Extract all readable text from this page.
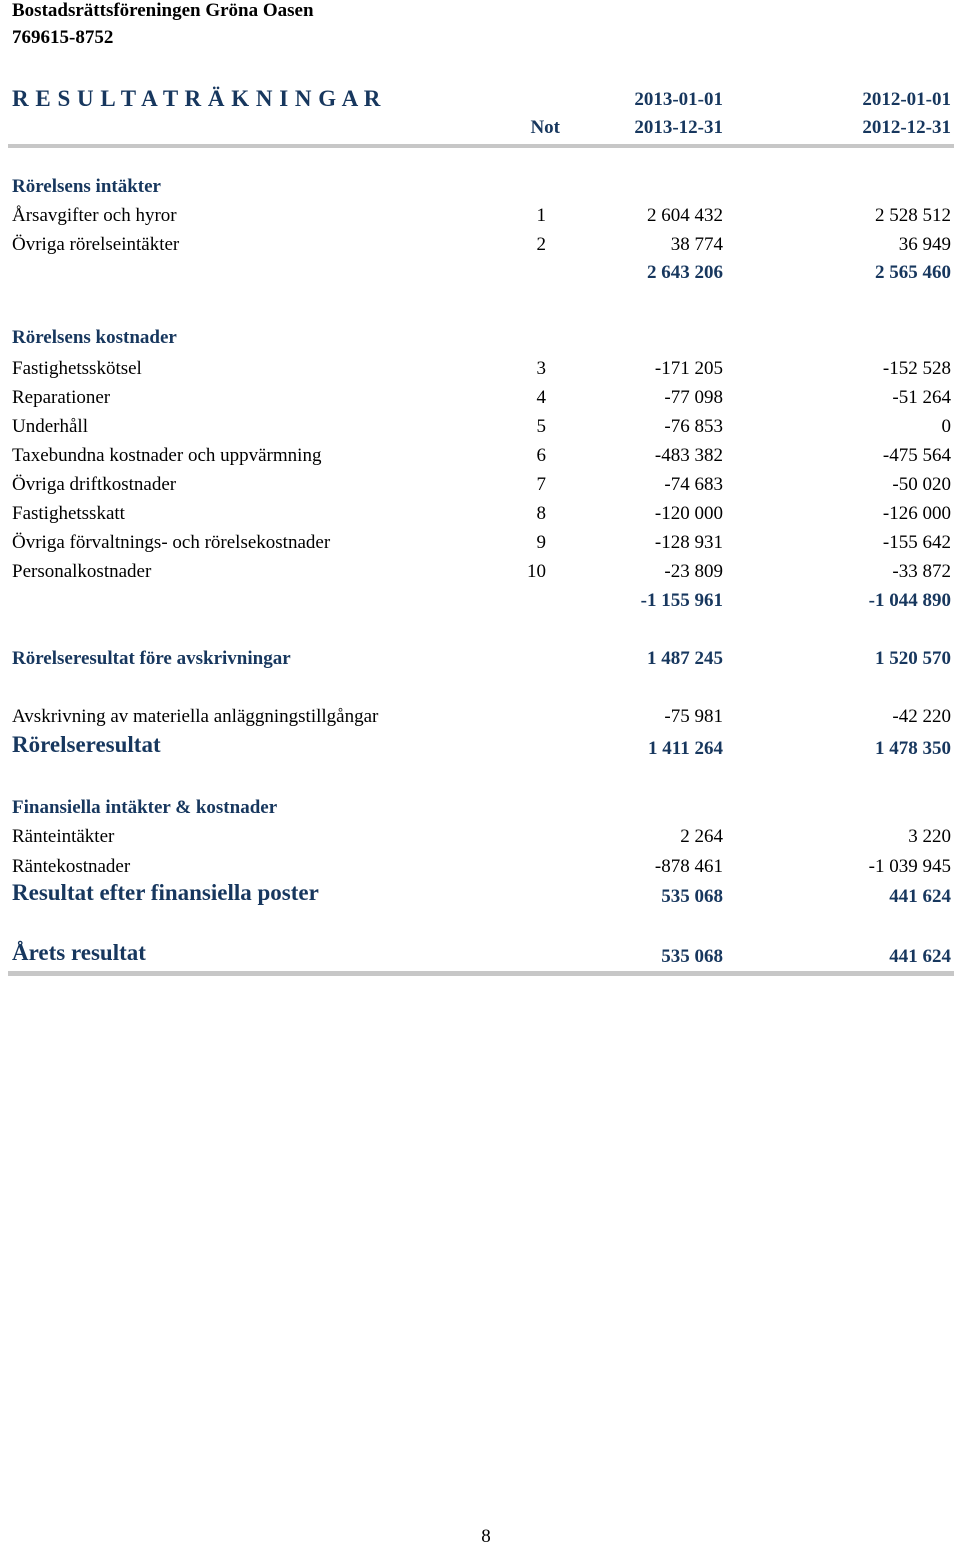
Bostadsrättsföreningen Gröna Oasen
769615-8752
R E S U L T A T R Ä K N I N G A R	2013-01-01	2012-01-01
Not	2013-12-31	2012-12-31
Rörelsens intäkter
Årsavgifter och hyror	1	2 604 432	2 528 512
Övriga rörelseintäkter	2	38 774	36 949
2 643 206	2 565 460
Rörelsens kostnader
Fastighetsskötsel	3	-171 205	-152 528
Reparationer	4	-77 098	-51 264
Underhåll	5	-76 853	0
Taxebundna kostnader och uppvärmning	6	-483 382	-475 564
Övriga driftkostnader	7	-74 683	-50 020
Fastighetsskatt	8	-120 000	-126 000
Övriga förvaltnings- och rörelsekostnader	9	-128 931	-155 642
Personalkostnader	10	-23 809	-33 872
-1 155 961	-1 044 890
Rörelseresultat före avskrivningar	1 487 245	1 520 570
Avskrivning av materiella anläggningstillgångar	-75 981	-42 220
Rörelseresultat	1 411 264	1 478 350
Finansiella intäkter & kostnader
Ränteintäkter	2 264	3 220
Räntekostnader	-878 461	-1 039 945
Resultat efter finansiella poster	535 068	441 624
Årets resultat	535 068	441 624
8
